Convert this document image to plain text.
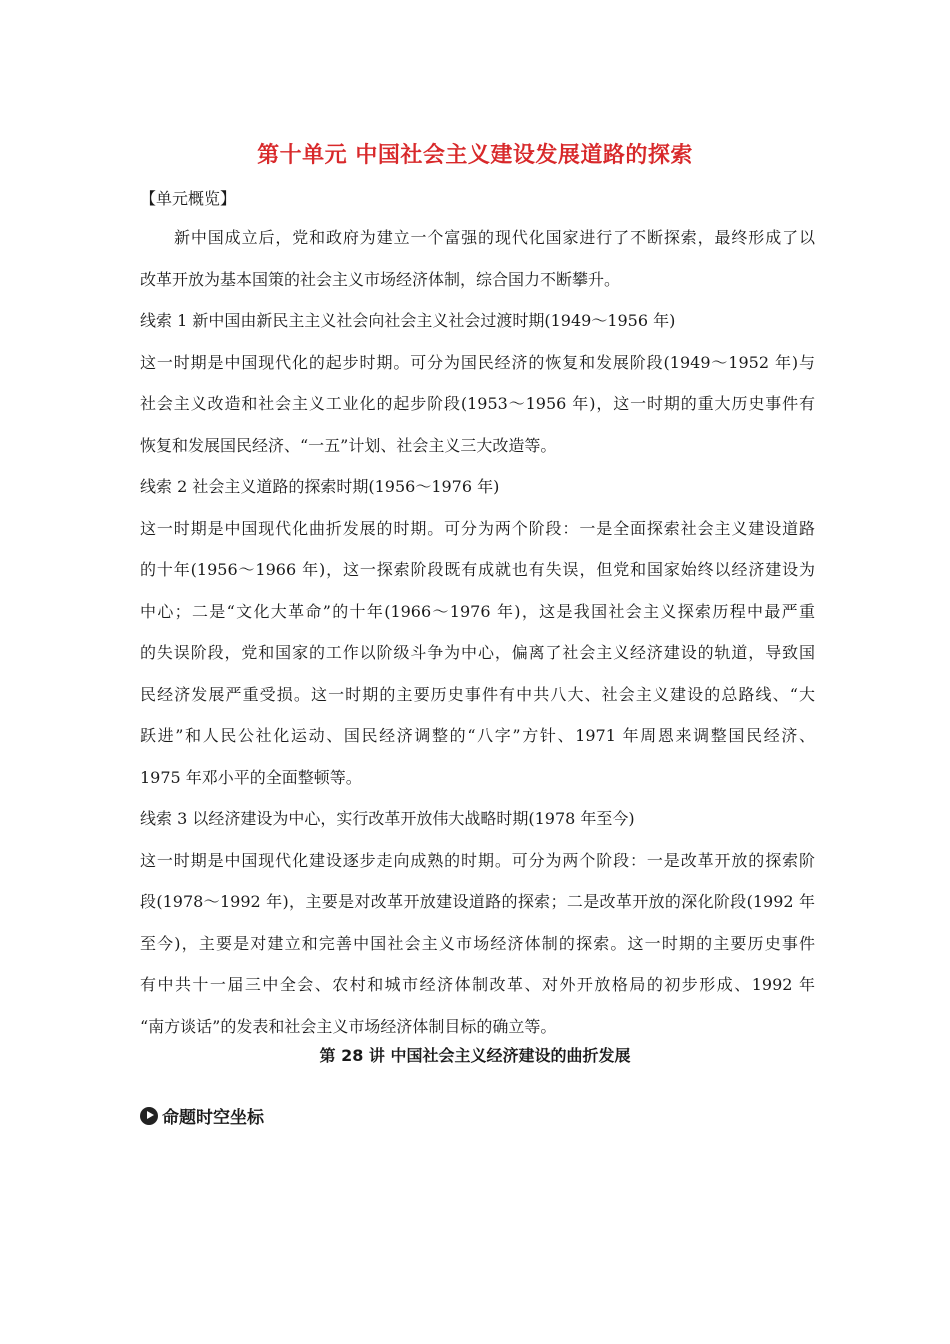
第十单元 中国社会主义建设发展道路的探索
【单元概览】
新中国成立后，党和政府为建立一个富强的现代化国家进行了不断探索，最终形成了以
改革开放为基本国策的社会主义市场经济体制，综合国力不断攀升。
线索 1 新中国由新民主主义社会向社会主义社会过渡时期(1949～1956 年)
这一时期是中国现代化的起步时期。可分为国民经济的恢复和发展阶段(1949～1952 年)与
社会主义改造和社会主义工业化的起步阶段(1953～1956 年)，这一时期的重大历史事件有
恢复和发展国民经济、“一五”计划、社会主义三大改造等。
线索 2 社会主义道路的探索时期(1956～1976 年)
这一时期是中国现代化曲折发展的时期。可分为两个阶段：一是全面探索社会主义建设道路
的十年(1956～1966 年)，这一探索阶段既有成就也有失误，但党和国家始终以经济建设为
中心；二是“文化大革命”的十年(1966～1976 年)，这是我国社会主义探索历程中最严重
的失误阶段，党和国家的工作以阶级斗争为中心，偏离了社会主义经济建设的轨道，导致国
民经济发展严重受损。这一时期的主要历史事件有中共八大、社会主义建设的总路线、“大
跃进”和人民公社化运动、国民经济调整的“八字”方针、1971 年周恩来调整国民经济、
1975 年邓小平的全面整顿等。
线索 3 以经济建设为中心，实行改革开放伟大战略时期(1978 年至今)
这一时期是中国现代化建设逐步走向成熟的时期。可分为两个阶段：一是改革开放的探索阶
段(1978～1992 年)，主要是对改革开放建设道路的探索；二是改革开放的深化阶段(1992 年
至今)，主要是对建立和完善中国社会主义市场经济体制的探索。这一时期的主要历史事件
有中共十一届三中全会、农村和城市经济体制改革、对外开放格局的初步形成、1992 年
“南方谈话”的发表和社会主义市场经济体制目标的确立等。
第 28 讲 中国社会主义经济建设的曲折发展
命题时空坐标
